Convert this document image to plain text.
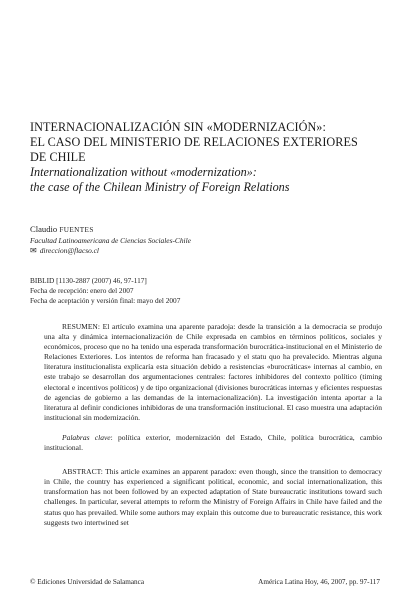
INTERNACIONALIZACIÓN SIN «MODERNIZACIÓN»:
EL CASO DEL MINISTERIO DE RELACIONES EXTERIORES
DE CHILE
Internationalization without «modernization»:
the case of the Chilean Ministry of Foreign Relations
Claudio FUENTES
Facultad Latinoamericana de Ciencias Sociales-Chile
✉ direccion@flacso.cl
BIBLID [1130-2887 (2007) 46, 97-117]
Fecha de recepción: enero del 2007
Fecha de aceptación y versión final: mayo del 2007

RESUMEN: El artículo examina una aparente paradoja: desde la transición a la democracia se produjo una alta y dinámica internacionalización de Chile expresada en cambios en términos políticos, sociales y económicos, proceso que no ha tenido una esperada transformación burocrática-institucional en el Ministerio de Relaciones Exteriores. Los intentos de reforma han fracasado y el statu quo ha prevalecido. Mientras alguna literatura institucionalista explicaría esta situación debido a resistencias «burocráticas» internas al cambio, en este trabajo se desarrollan dos argumentaciones centrales: factores inhibidores del contexto político (timing electoral e incentivos políticos) y de tipo organizacional (divisiones burocráticas internas y eficientes respuestas de agencias de gobierno a las demandas de la internacionalización). La investigación intenta aportar a la literatura al definir condiciones inhibidoras de una transformación institucional. El caso muestra una adaptación institucional sin modernización.

Palabras clave: política exterior, modernización del Estado, Chile, política burocrática, cambio institucional.

ABSTRACT: This article examines an apparent paradox: even though, since the transition to democracy in Chile, the country has experienced a significant political, economic, and social internationalization, this transformation has not been followed by an expected adaptation of State bureaucratic institutions toward such challenges. In particular, several attempts to reform the Ministry of Foreign Affairs in Chile have failed and the status quo has prevailed. While some authors may explain this outcome due to bureaucratic resistance, this work suggests two intertwined set

© Ediciones Universidad de Salamanca	América Latina Hoy, 46, 2007, pp. 97-117
